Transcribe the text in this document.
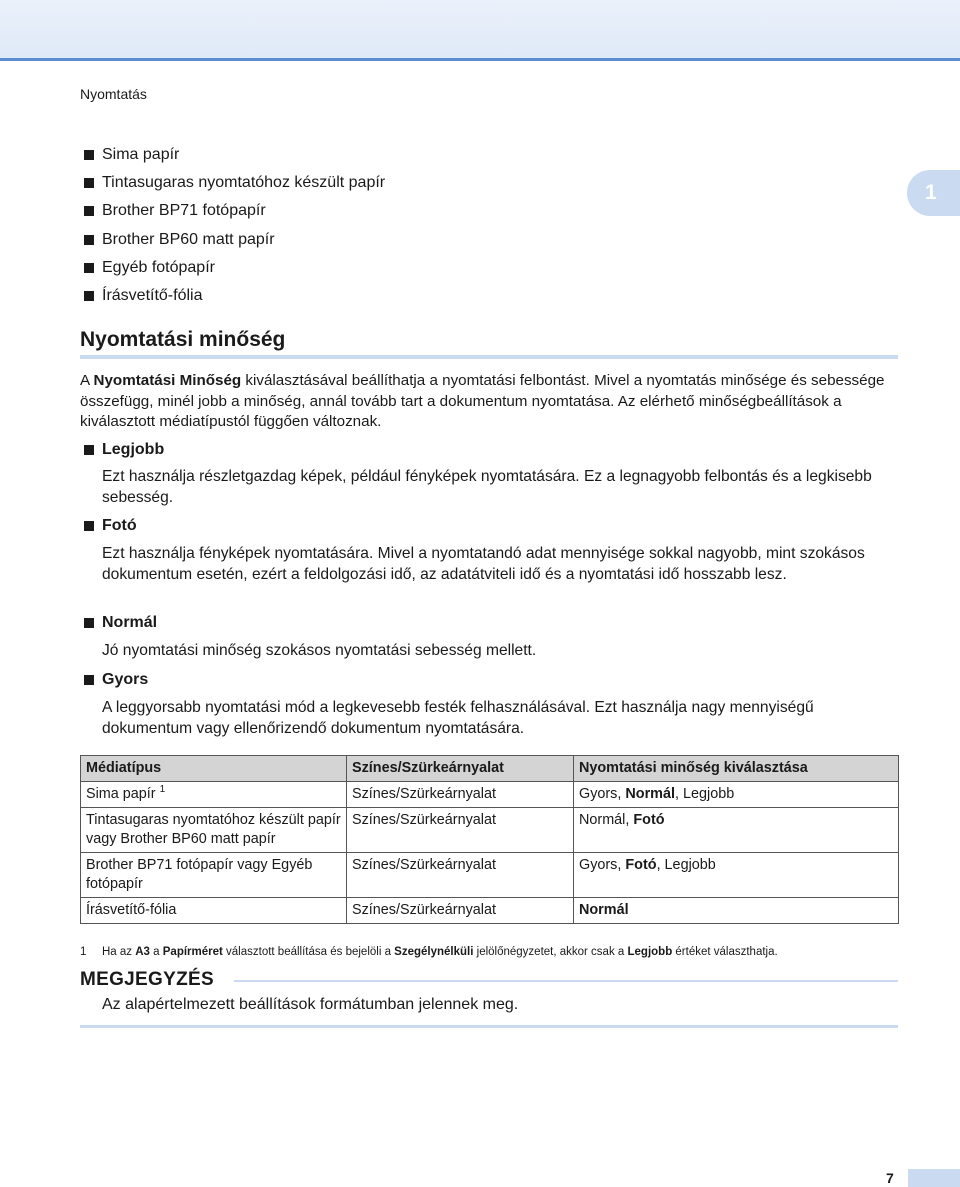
Nyomtatás
1
Sima papír
Tintasugaras nyomtatóhoz készült papír
Brother BP71 fotópapír
Brother BP60 matt papír
Egyéb fotópapír
Írásvetítő-fólia
Nyomtatási minőség

A Nyomtatási Minőség kiválasztásával beállíthatja a nyomtatási felbontást. Mivel a nyomtatás minősége és sebessége összefügg, minél jobb a minőség, annál tovább tart a dokumentum nyomtatása. Az elérhető minőségbeállítások a kiválasztott médiatípustól függően változnak.

Legjobb

Ezt használja részletgazdag képek, például fényképek nyomtatására. Ez a legnagyobb felbontás és a legkisebb sebesség.

Fotó

Ezt használja fényképek nyomtatására. Mivel a nyomtatandó adat mennyisége sokkal nagyobb, mint szokásos dokumentum esetén, ezért a feldolgozási idő, az adatátviteli idő és a nyomtatási idő hosszabb lesz.

Normál

Jó nyomtatási minőség szokásos nyomtatási sebesség mellett.

Gyors

A leggyorsabb nyomtatási mód a legkevesebb festék felhasználásával. Ezt használja nagy mennyiségű dokumentum vagy ellenőrizendő dokumentum nyomtatására.

Médiatípus	Színes/Szürkeárnyalat	Nyomtatási minőség kiválasztása
Sima papír $^1$	Színes/Szürkeárnyalat	Gyors, Normál, Legjobb
Tintasugaras nyomtatóhoz készült papír vagy Brother BP60 matt papír	Színes/Szürkeárnyalat	Normál, Fotó
Brother BP71 fotópapír vagy Egyéb fotópapír	Színes/Szürkeárnyalat	Gyors, Fotó, Legjobb
Írásvetítő-fólia	Színes/Szürkeárnyalat	Normál
1 Ha az A3 a Papírméret választott beállítása és bejelöli a Szegélynélküli jelölőnégyzetet, akkor csak a Legjobb értéket választhatja.
MEGJEGYZÉS
Az alapértelmezett beállítások formátumban jelennek meg.
7
